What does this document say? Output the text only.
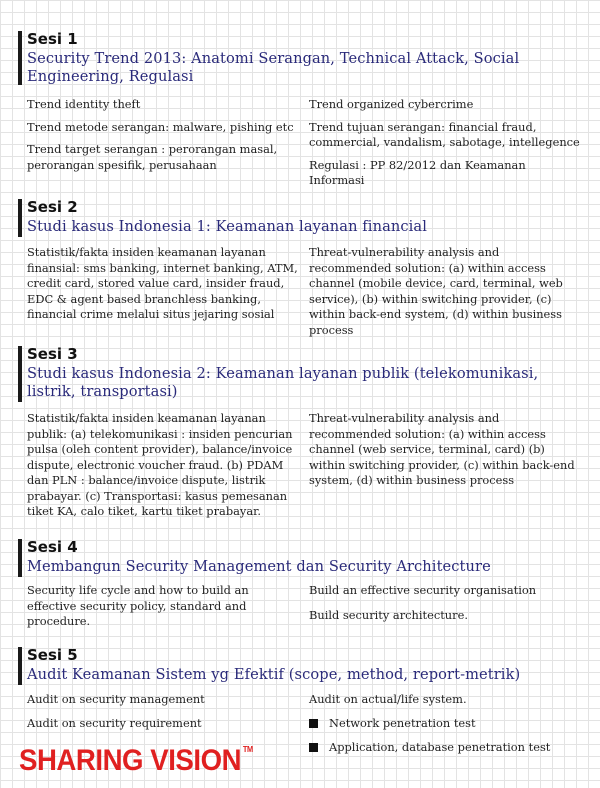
Sesi 1
Security Trend 2013: Anatomi Serangan, Technical Attack, Social Engineering, Regulasi

Trend identity theft

Trend metode serangan: malware, pishing etc

Trend target serangan : perorangan masal, perorangan spesifik, perusahaan

Trend organized cybercrime

Trend tujuan serangan: financial fraud, commercial, vandalism, sabotage, intellegence

Regulasi : PP 82/2012 dan Keamanan Informasi

Sesi 2
Studi kasus Indonesia 1: Keamanan layanan financial

Statistik/fakta insiden keamanan layanan finansial: sms banking, internet banking, ATM, credit card, stored value card, insider fraud, EDC & agent based branchless banking, financial crime melalui situs jejaring sosial

Threat-vulnerability analysis and recommended solution: (a) within access channel (mobile device, card, terminal, web service), (b) within switching provider, (c) within back-end system, (d) within business process

Sesi 3
Studi kasus Indonesia 2: Keamanan layanan publik (telekomunikasi, listrik, transportasi)

Statistik/fakta insiden keamanan layanan publik: (a) telekomunikasi : insiden pencurian pulsa (oleh content provider), balance/invoice dispute, electronic voucher fraud. (b) PDAM dan PLN : balance/invoice dispute, listrik prabayar. (c) Transportasi: kasus pemesanan tiket KA, calo tiket, kartu tiket prabayar.

Threat-vulnerability analysis and recommended solution: (a) within access channel (web service, terminal, card) (b) within switching provider, (c) within back-end system, (d) within business process

Sesi 4
Membangun Security Management dan Security Architecture

Security life cycle and how to build an effective security policy, standard and procedure.

Build an effective security organisation

Build security architecture.

Sesi 5
Audit Keamanan Sistem yg Efektif (scope, method, report-metrik)

Audit on security management

Audit on security requirement

Audit on actual/life system.

Network penetration test

Application, database penetration test

SHARING VISION ™
